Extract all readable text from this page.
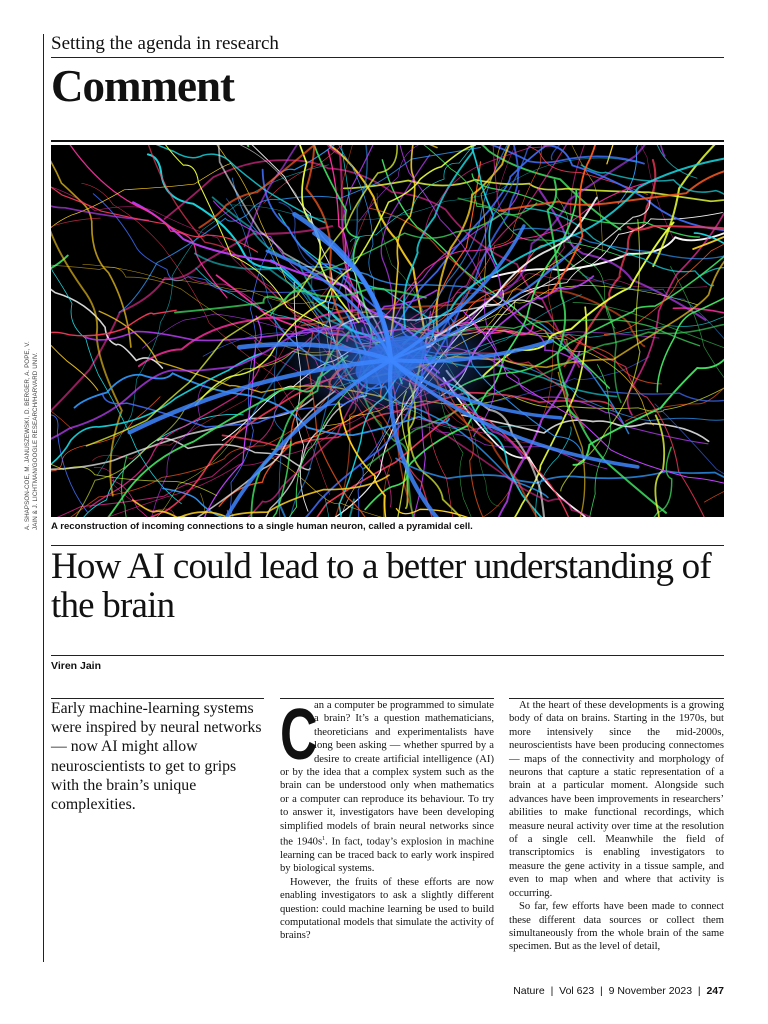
A. SHAPSON-COE, M. JANUSZEWSKI, D. BERGER, A. POPE, V. JAIN & J. LICHTMAN/GOOGLE RESEARCH/HARVARD UNIV.
Setting the agenda in research
Comment
A reconstruction of incoming connections to a single human neuron, called a pyramidal cell.
How AI could lead to a better understanding of the brain
Viren Jain
Early machine-learning systems were inspired by neural networks — now AI might allow neuroscientists to get to grips with the brain’s unique complexities.

C
an a computer be programmed to simulate a brain? It’s a question mathematicians, theoreticians and experimentalists have long been asking — whether spurred by a desire to create artificial intelligence (AI) or by the idea that a complex system such as the brain can be understood only when mathematics or a computer can reproduce its behaviour. To try to answer it, investigators have been developing simplified models of brain neural networks since the $1940s^1$. In fact, today’s explosion in machine learning can be traced back to early work inspired by biological systems.

However, the fruits of these efforts are now enabling investigators to ask a slightly different question: could machine learning be used to build computational models that simulate the activity of brains?

At the heart of these developments is a growing body of data on brains. Starting in the 1970s, but more intensively since the mid-2000s, neuroscientists have been producing connectomes — maps of the connectivity and morphology of neurons that capture a static representation of a brain at a particular moment. Alongside such advances have been improvements in researchers’ abilities to make functional recordings, which measure neural activity over time at the resolution of a single cell. Meanwhile the field of transcriptomics is enabling investigators to measure the gene activity in a tissue sample, and even to map when and where that activity is occurring.

So far, few efforts have been made to connect these different data sources or collect them simultaneously from the whole brain of the same specimen. But as the level of detail,

Nature  |  Vol 623  |  9 November 2023  |  247
